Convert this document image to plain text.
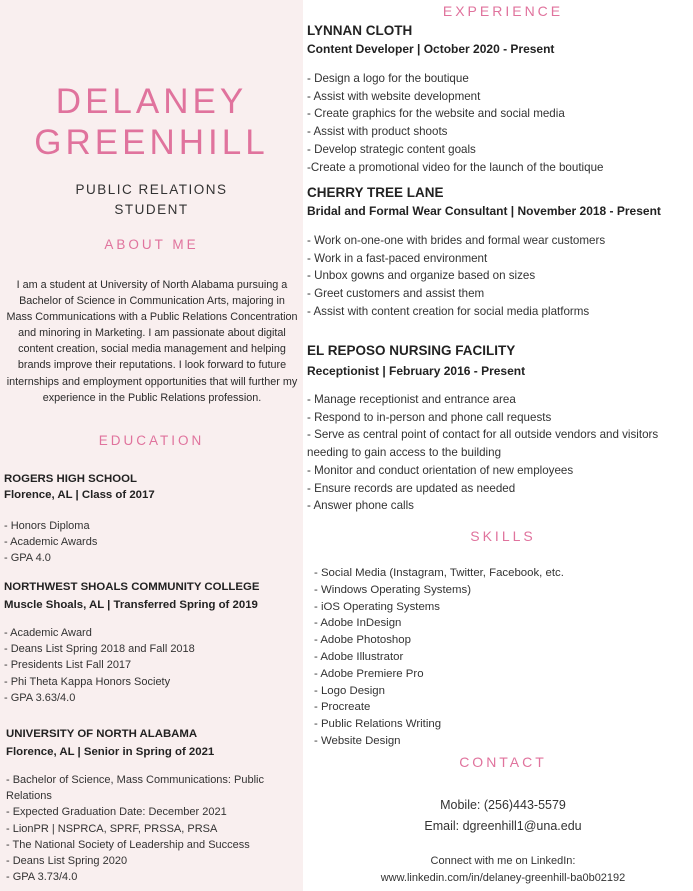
DELANEY
GREENHILL
PUBLIC RELATIONS
STUDENT
ABOUT ME
I am a student at University of North Alabama pursuing a Bachelor of Science in Communication Arts, majoring in Mass Communications with a Public Relations Concentration and minoring in Marketing. I am passionate about digital content creation, social media management and helping brands improve their reputations. I look forward to future internships and employment opportunities that will further my experience in the Public Relations profession.
EDUCATION
ROGERS HIGH SCHOOL
Florence, AL | Class of 2017
- Honors Diploma
- Academic Awards
- GPA 4.0
NORTHWEST SHOALS COMMUNITY COLLEGE
Muscle Shoals, AL | Transferred Spring of 2019
- Academic Award
- Deans List Spring 2018 and Fall 2018
- Presidents List Fall 2017
- Phi Theta Kappa Honors Society
- GPA 3.63/4.0
UNIVERSITY OF NORTH ALABAMA
Florence, AL | Senior in Spring of 2021
- Bachelor of Science, Mass Communications: Public Relations
- Expected Graduation Date: December 2021
- LionPR | NSPRCA, SPRF, PRSSA, PRSA
- The National Society of Leadership and Success
- Deans List Spring 2020
- GPA 3.73/4.0
EXPERIENCE
LYNNAN CLOTH
Content Developer | October 2020 - Present
- Design a logo for the boutique
- Assist with website development
- Create graphics for the website and social media
- Assist with product shoots
- Develop strategic content goals
-Create a promotional video for the launch of the boutique
CHERRY TREE LANE
Bridal and Formal Wear Consultant | November 2018 - Present
- Work on-one-one with brides and formal wear customers
- Work in a fast-paced environment
- Unbox gowns and organize based on sizes
- Greet customers and assist them
- Assist with content creation for social media platforms
EL REPOSO NURSING FACILITY
Receptionist | February 2016 - Present
- Manage receptionist and entrance area
- Respond to in-person and phone call requests
- Serve as central point of contact for all outside vendors and visitors needing to gain access to the building
- Monitor and conduct orientation of new employees
- Ensure records are updated as needed
- Answer phone calls
SKILLS
- Social Media (Instagram, Twitter, Facebook, etc.
- Windows Operating Systems)
- iOS Operating Systems
- Adobe InDesign
- Adobe Photoshop
- Adobe Illustrator
- Adobe Premiere Pro
- Logo Design
- Procreate
- Public Relations Writing
- Website Design
CONTACT
Mobile: (256)443-5579
Email: dgreenhill1@una.edu
Connect with me on LinkedIn:
www.linkedin.com/in/delaney-greenhill-ba0b02192
